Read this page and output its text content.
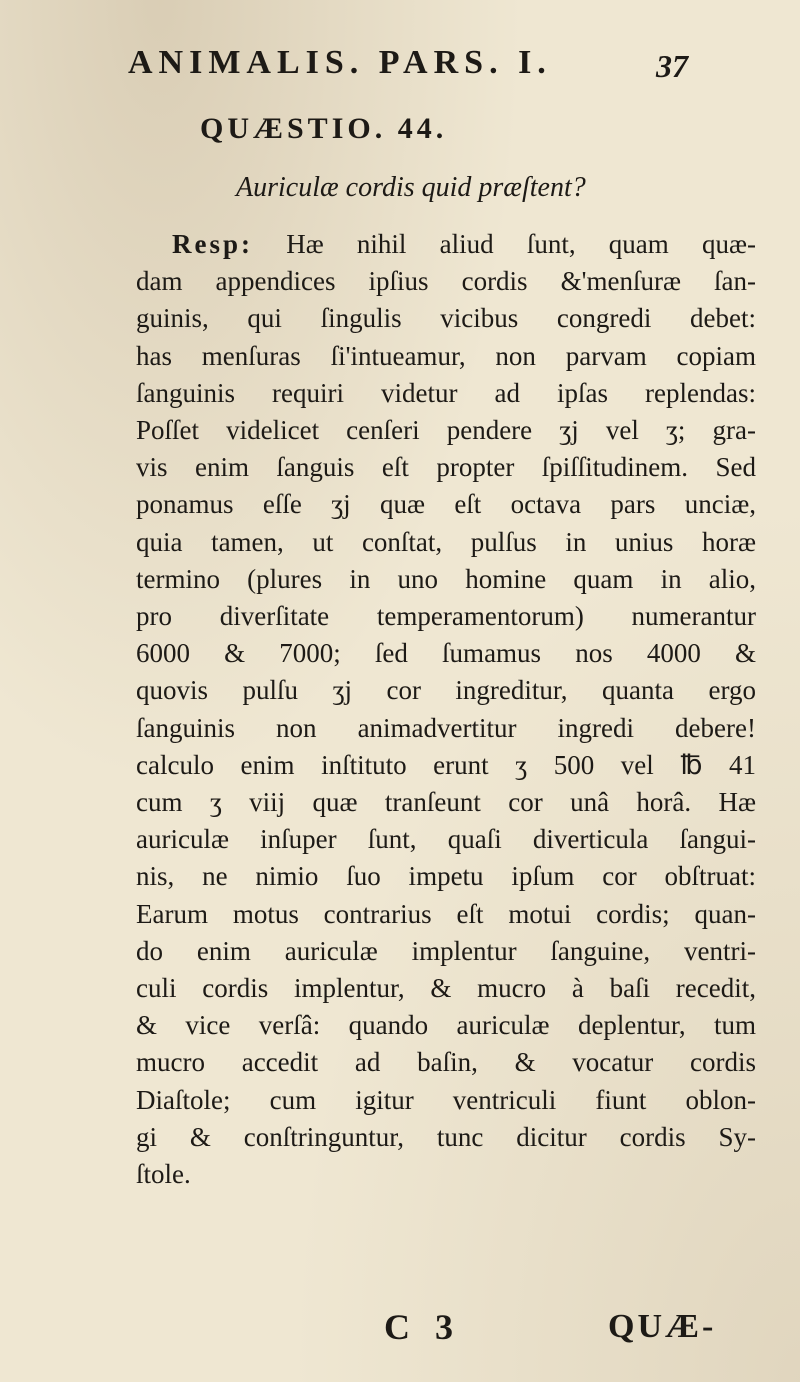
ANIMALIS. PARS. I.	37
QUÆSTIO. 44.
Auriculæ cordis quid præſtent?
Resp: Hæ nihil aliud ſunt, quam quæ-
dam appendices ipſius cordis &'menſuræ ſan-
guinis, qui ſingulis vicibus congredi debet:
has menſuras ſi'intueamur, non parvam copiam
ſanguinis requiri videtur ad ipſas replendas:
Poſſet videlicet cenſeri pendere ʒj vel ʒ; gra-
vis enim ſanguis eſt propter ſpiſſitudinem. Sed
ponamus eſſe ʒj quæ eſt octava pars unciæ,
quia tamen, ut conſtat, pulſus in unius horæ
termino (plures in uno homine quam in alio,
pro diverſitate temperamentorum) numerantur
6000 & 7000; ſed ſumamus nos 4000 &
quovis pulſu ʒj cor ingreditur, quanta ergo
ſanguinis non animadvertitur ingredi debere!
calculo enim inſtituto erunt ʒ 500 vel ℔ 41
cum ʒ viij quæ tranſeunt cor unâ horâ. Hæ
auriculæ inſuper ſunt, quaſi diverticula ſangui-
nis, ne nimio ſuo impetu ipſum cor obſtruat:
Earum motus contrarius eſt motui cordis; quan-
do enim auriculæ implentur ſanguine, ventri-
culi cordis implentur, & mucro à baſi recedit,
& vice verſâ: quando auriculæ deplentur, tum
mucro accedit ad baſin, & vocatur cordis
Diaſtole; cum igitur ventriculi fiunt oblon-
gi & conſtringuntur, tunc dicitur cordis Sy-
ſtole.
C 3	QUÆ-
